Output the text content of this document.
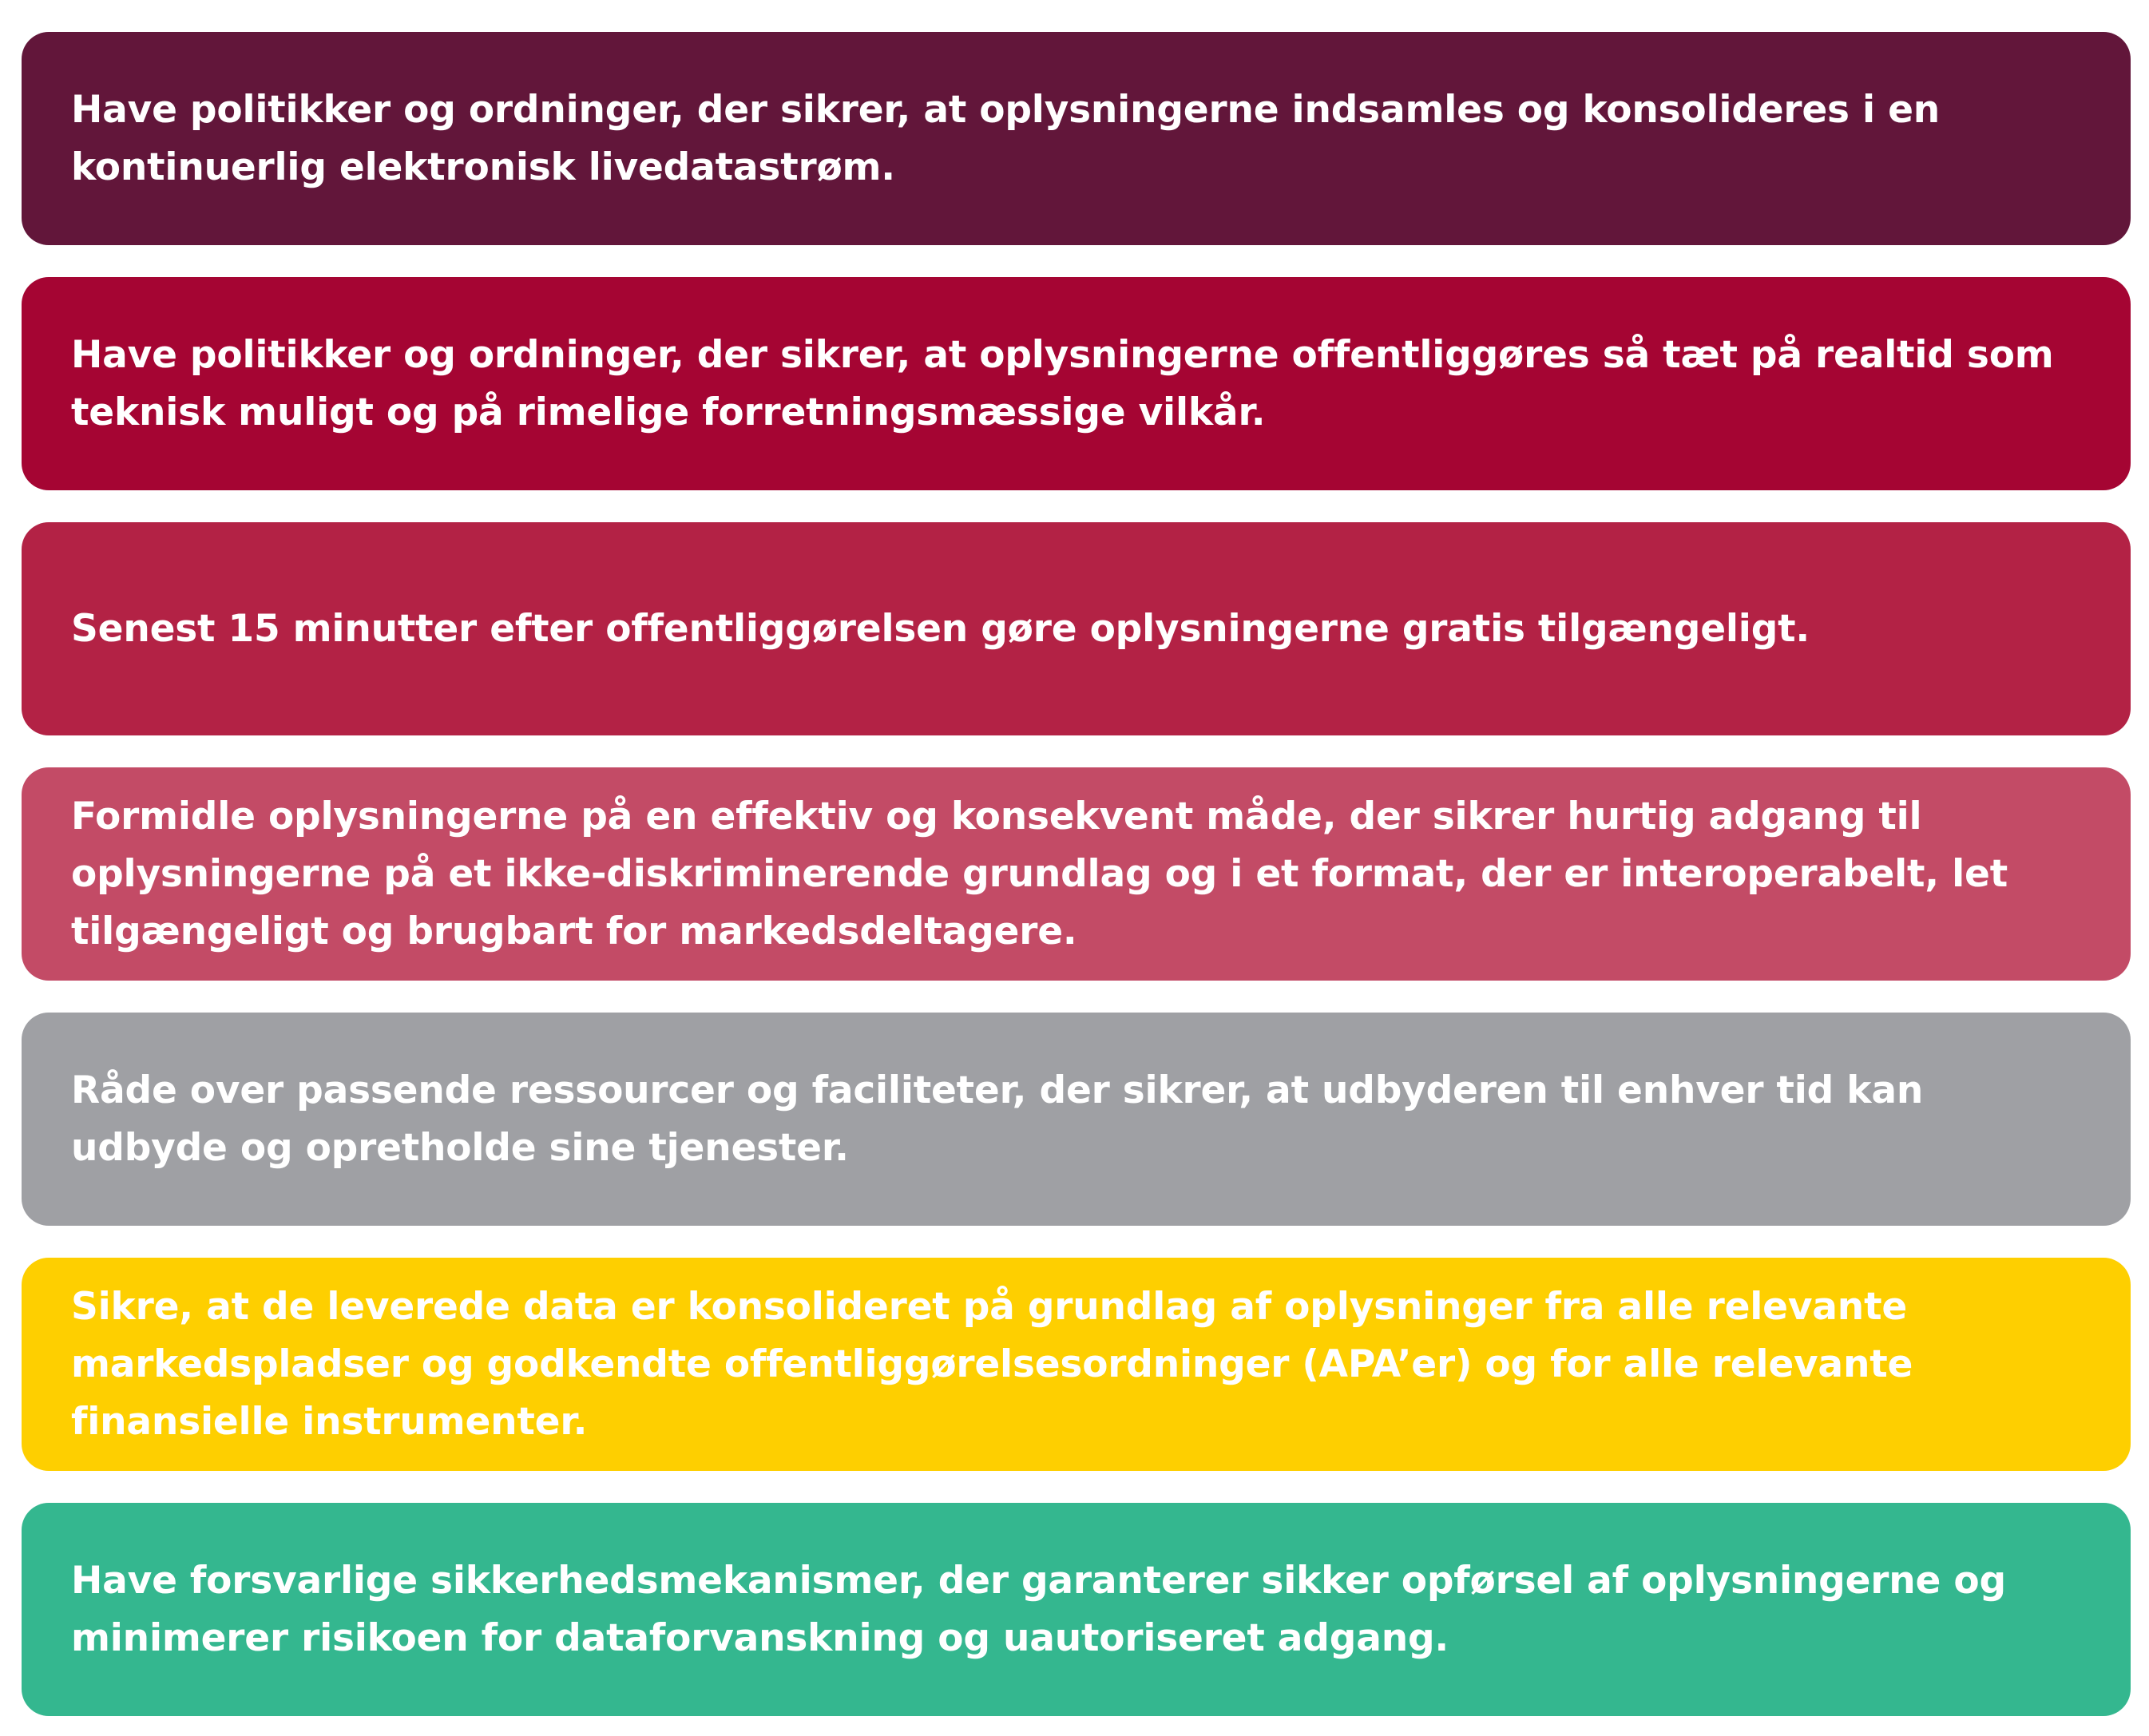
Have politikker og ordninger, der sikrer, at oplysningerne indsamles og konsolideres i en kontinuerlig elektronisk livedatastrøm.
Have politikker og ordninger, der sikrer, at oplysningerne offentliggøres så tæt på realtid som teknisk muligt og på rimelige forretningsmæssige vilkår.
Senest 15 minutter efter offentliggørelsen gøre oplysningerne gratis tilgængeligt.
Formidle oplysningerne på en effektiv og konsekvent måde, der sikrer hurtig adgang til oplysningerne på et ikke-diskriminerende grundlag og i et format, der er interoperabelt, let tilgængeligt og brugbart for markedsdeltagere.
Råde over passende ressourcer og faciliteter, der sikrer, at udbyderen til enhver tid kan udbyde og opretholde sine tjenester.
Sikre, at de leverede data er konsolideret på grundlag af oplysninger fra alle relevante markedspladser og godkendte offentliggørelsesordninger (APA’er) og for alle relevante finansielle instrumenter.
Have forsvarlige sikkerhedsmekanismer, der garanterer sikker opførsel af oplysningerne og minimerer risikoen for dataforvanskning og uautoriseret adgang.
